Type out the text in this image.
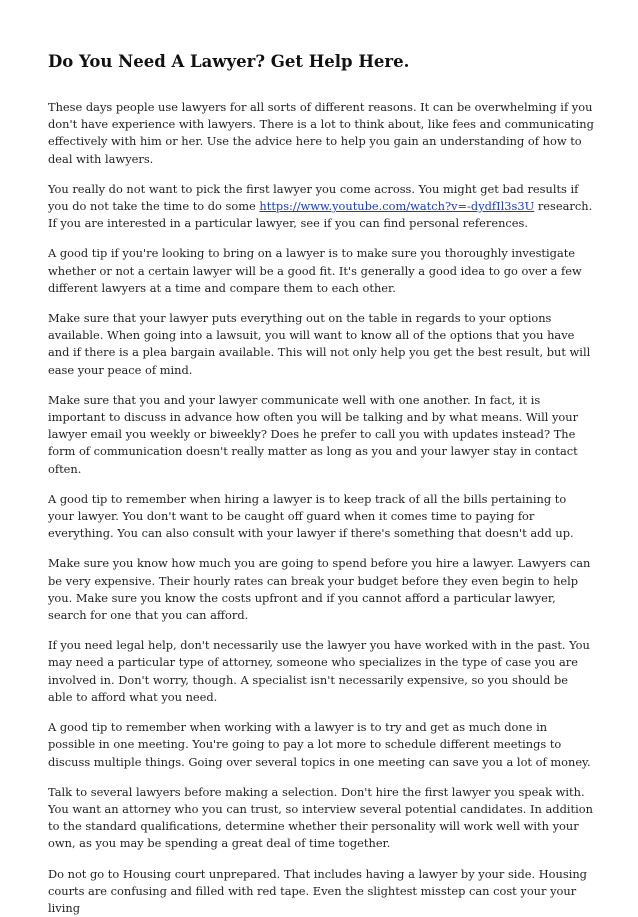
Do You Need A Lawyer? Get Help Here.

These days people use lawyers for all sorts of different reasons. It can be overwhelming if you don't have experience with lawyers. There is a lot to think about, like fees and communicating effectively with him or her. Use the advice here to help you gain an understanding of how to deal with lawyers.

You really do not want to pick the first lawyer you come across. You might get bad results if you do not take the time to do some https://www.youtube.com/watch?v=-dydfIl3s3U research. If you are interested in a particular lawyer, see if you can find personal references.

A good tip if you're looking to bring on a lawyer is to make sure you thoroughly investigate whether or not a certain lawyer will be a good fit. It's generally a good idea to go over a few different lawyers at a time and compare them to each other.

Make sure that your lawyer puts everything out on the table in regards to your options available. When going into a lawsuit, you will want to know all of the options that you have and if there is a plea bargain available. This will not only help you get the best result, but will ease your peace of mind.

Make sure that you and your lawyer communicate well with one another. In fact, it is important to discuss in advance how often you will be talking and by what means. Will your lawyer email you weekly or biweekly? Does he prefer to call you with updates instead? The form of communication doesn't really matter as long as you and your lawyer stay in contact often.

A good tip to remember when hiring a lawyer is to keep track of all the bills pertaining to your lawyer. You don't want to be caught off guard when it comes time to paying for everything. You can also consult with your lawyer if there's something that doesn't add up.

Make sure you know how much you are going to spend before you hire a lawyer. Lawyers can be very expensive. Their hourly rates can break your budget before they even begin to help you. Make sure you know the costs upfront and if you cannot afford a particular lawyer, search for one that you can afford.

If you need legal help, don't necessarily use the lawyer you have worked with in the past. You may need a particular type of attorney, someone who specializes in the type of case you are involved in. Don't worry, though. A specialist isn't necessarily expensive, so you should be able to afford what you need.

A good tip to remember when working with a lawyer is to try and get as much done in possible in one meeting. You're going to pay a lot more to schedule different meetings to discuss multiple things. Going over several topics in one meeting can save you a lot of money.

Talk to several lawyers before making a selection. Don't hire the first lawyer you speak with. You want an attorney who you can trust, so interview several potential candidates. In addition to the standard qualifications, determine whether their personality will work well with your own, as you may be spending a great deal of time together.

Do not go to Housing court unprepared. That includes having a lawyer by your side. Housing courts are confusing and filled with red tape. Even the slightest misstep can cost your your living
